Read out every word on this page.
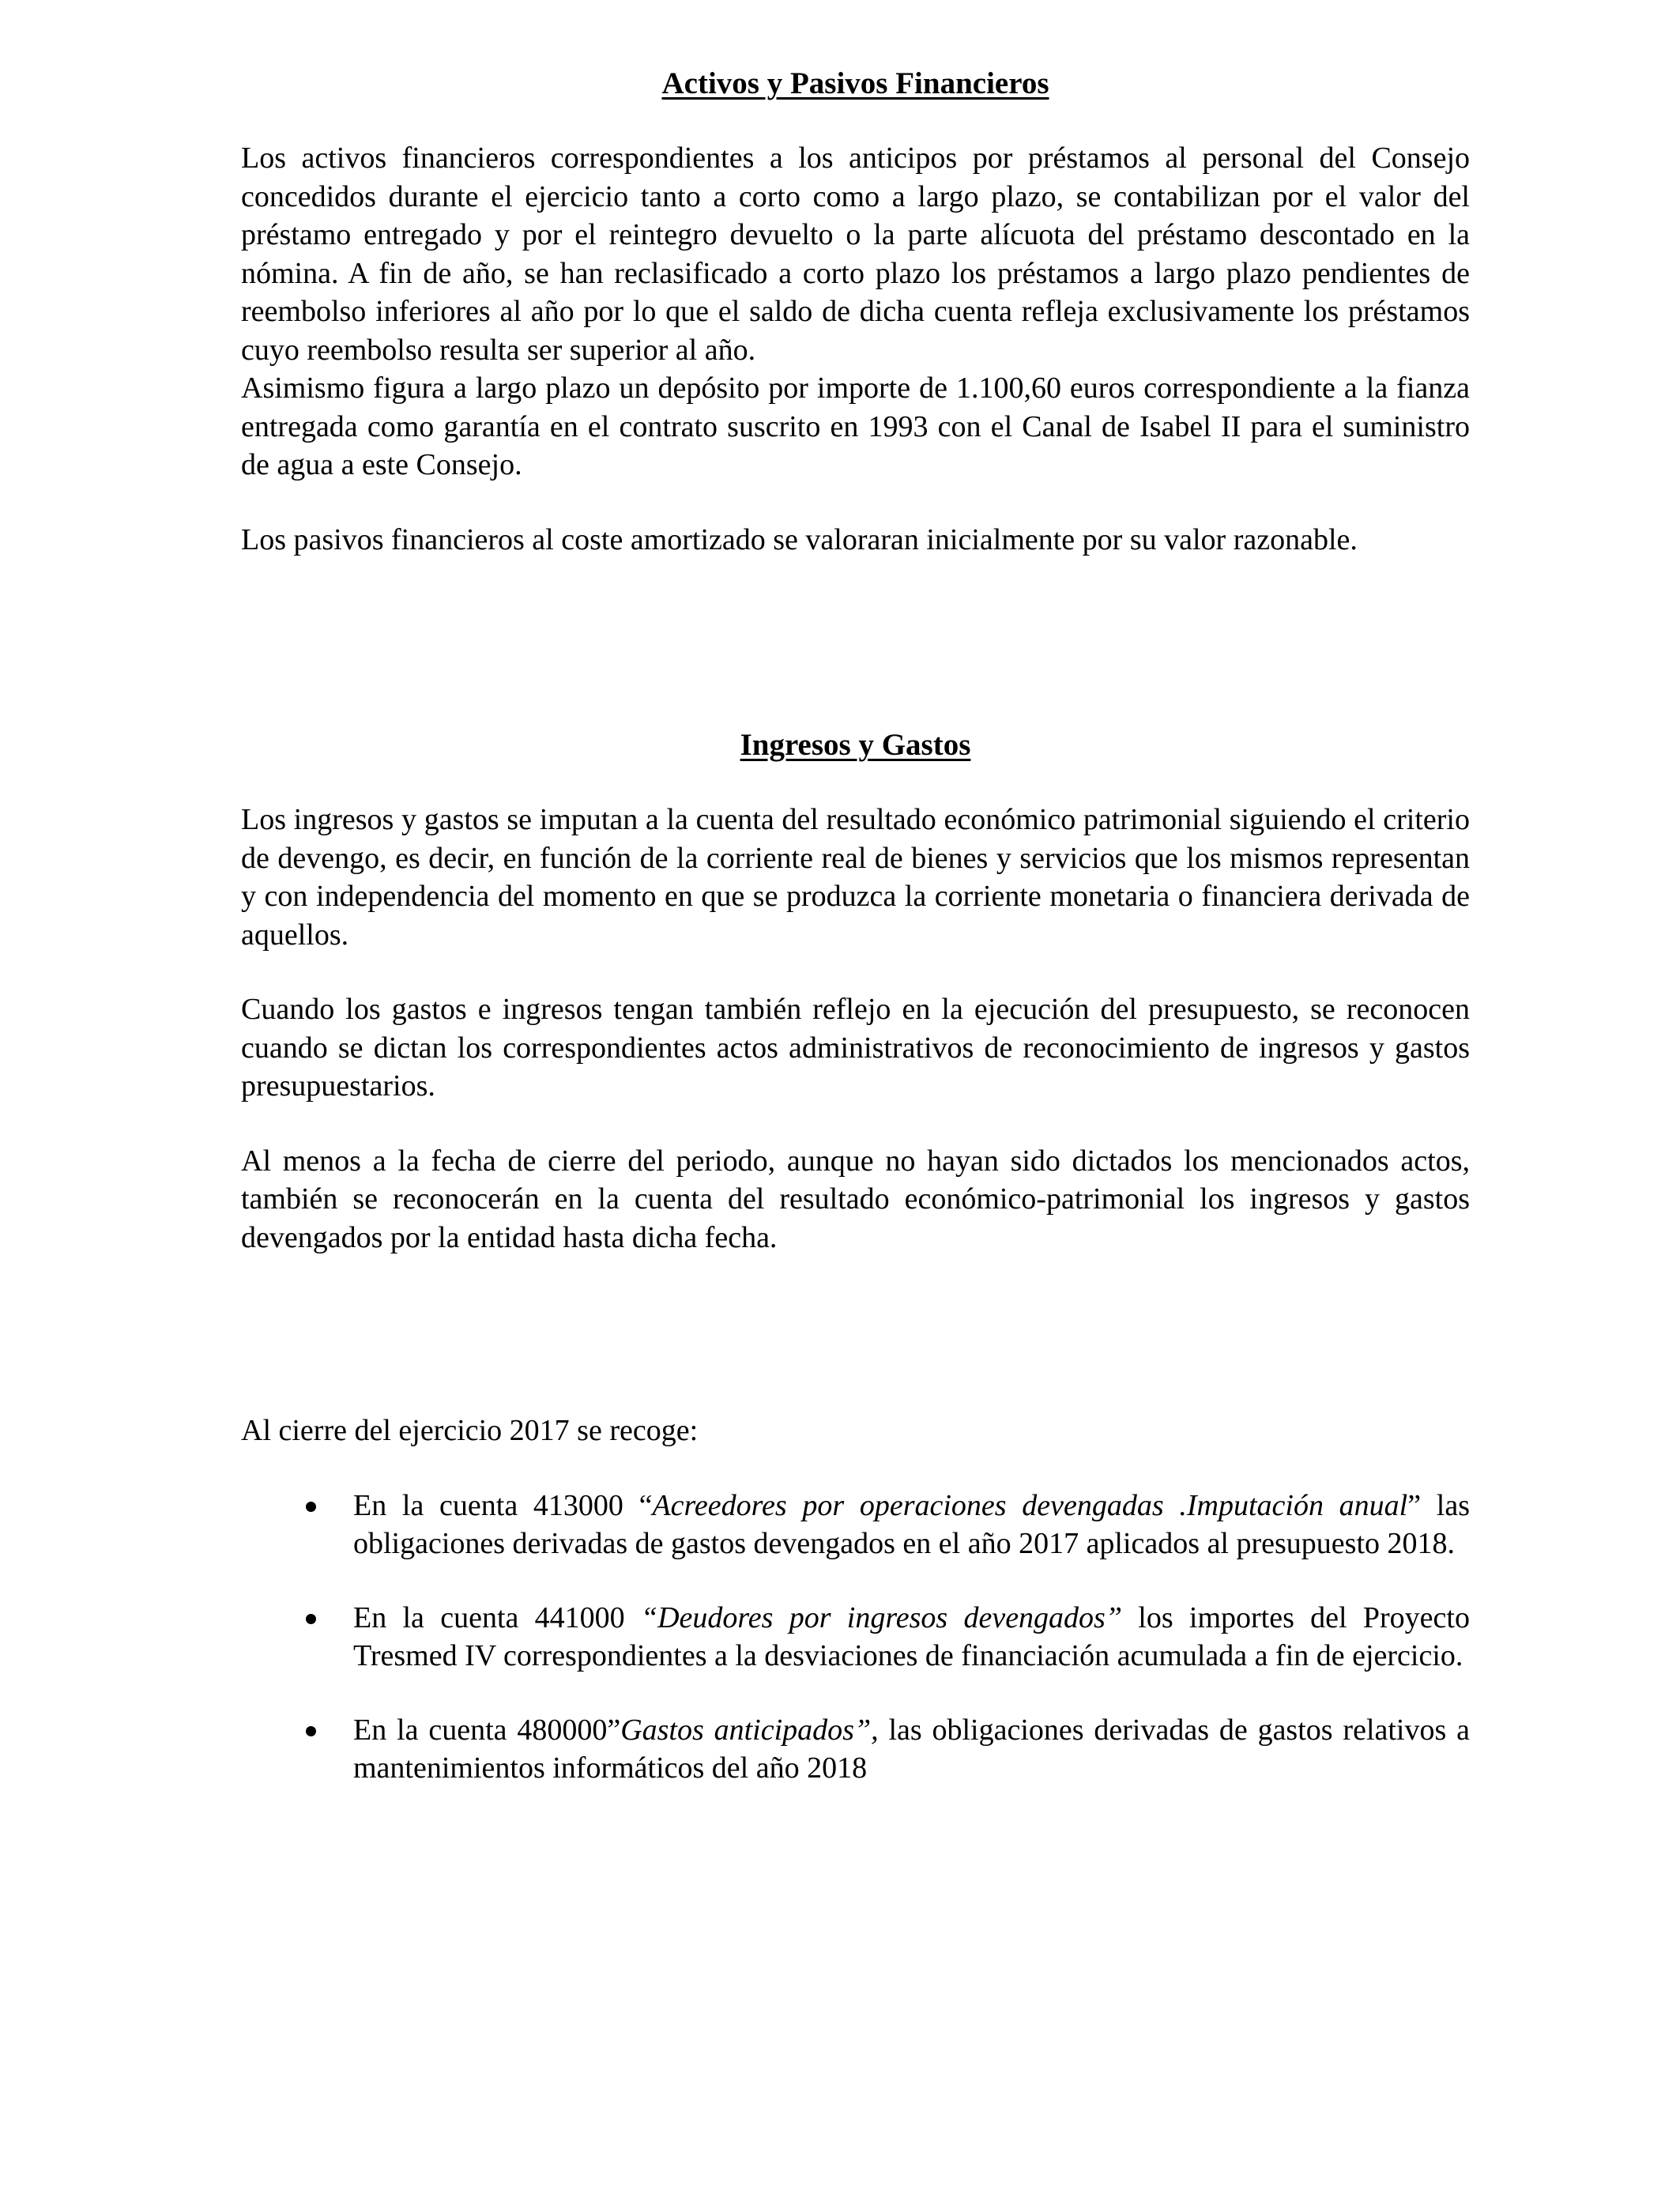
Activos y Pasivos Financieros

Los activos financieros correspondientes a los anticipos por préstamos al personal del Consejo concedidos durante el ejercicio tanto a corto como a largo plazo, se contabilizan por el valor del préstamo entregado y por el reintegro devuelto o la parte alícuota del préstamo descontado en la nómina. A fin de año, se han reclasificado a corto plazo los préstamos a largo plazo pendientes de reembolso inferiores al año por lo que el saldo de dicha cuenta refleja exclusivamente los préstamos cuyo reembolso resulta ser superior al año.

Asimismo figura a largo plazo un depósito por importe de 1.100,60 euros correspondiente a la fianza entregada como garantía en el contrato suscrito en 1993 con el Canal de Isabel II para el suministro de agua a este Consejo.

Los pasivos financieros al coste amortizado se valoraran inicialmente por su valor razonable.

Ingresos y Gastos

Los ingresos y gastos se imputan a la cuenta del resultado económico patrimonial siguiendo el criterio de devengo, es decir, en función de la corriente real de bienes y servicios que los mismos representan y con independencia del momento en que se produzca la corriente monetaria o financiera derivada de aquellos.

Cuando los gastos e ingresos tengan también reflejo en la ejecución del presupuesto, se reconocen cuando se dictan los correspondientes actos administrativos de reconocimiento de ingresos y gastos presupuestarios.

Al menos a la fecha de cierre del periodo, aunque no hayan sido dictados los mencionados actos, también se reconocerán en la cuenta del resultado económico-patrimonial los ingresos y gastos devengados por la entidad hasta dicha fecha.

Al cierre del ejercicio 2017 se recoge:

En la cuenta 413000 “Acreedores por operaciones devengadas .Imputación anual” las obligaciones derivadas de gastos devengados en el año 2017 aplicados al presupuesto 2018.
En la cuenta 441000 “Deudores por ingresos devengados” los importes del Proyecto Tresmed IV correspondientes a la desviaciones de financiación acumulada a fin de ejercicio.
En la cuenta 480000”Gastos anticipados”, las obligaciones derivadas de gastos relativos a mantenimientos informáticos del año 2018
